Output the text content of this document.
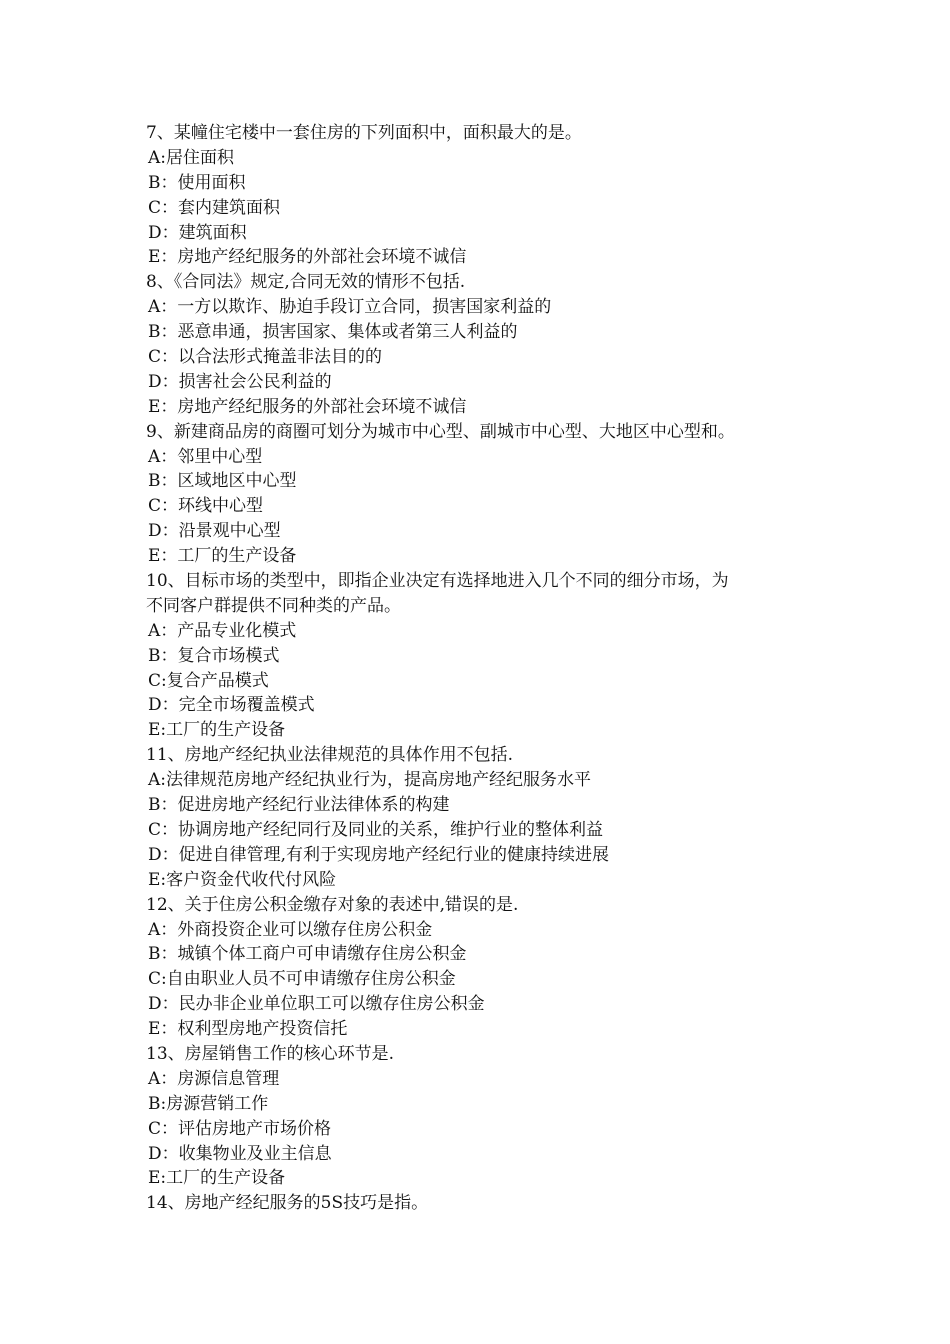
7、某幢住宅楼中一套住房的下列面积中，面积最大的是。
A:居住面积
B：使用面积
C：套内建筑面积
D：建筑面积
E：房地产经纪服务的外部社会环境不诚信
8、《合同法》规定,合同无效的情形不包括.
A：一方以欺诈、胁迫手段订立合同，损害国家利益的
B：恶意串通，损害国家、集体或者第三人利益的
C：以合法形式掩盖非法目的的
D：损害社会公民利益的
E：房地产经纪服务的外部社会环境不诚信
9、新建商品房的商圈可划分为城市中心型、副城市中心型、大地区中心型和。
A：邻里中心型
B：区域地区中心型
C：环线中心型
D：沿景观中心型
E：工厂的生产设备
10、目标市场的类型中，即指企业决定有选择地进入几个不同的细分市场，为
不同客户群提供不同种类的产品。
A：产品专业化模式
B：复合市场模式
C:复合产品模式
D：完全市场覆盖模式
E:工厂的生产设备
11、房地产经纪执业法律规范的具体作用不包括.
A:法律规范房地产经纪执业行为，提高房地产经纪服务水平
B：促进房地产经纪行业法律体系的构建
C：协调房地产经纪同行及同业的关系，维护行业的整体利益
D：促进自律管理,有利于实现房地产经纪行业的健康持续进展
E:客户资金代收代付风险
12、关于住房公积金缴存对象的表述中,错误的是.
A：外商投资企业可以缴存住房公积金
B：城镇个体工商户可申请缴存住房公积金
C:自由职业人员不可申请缴存住房公积金
D：民办非企业单位职工可以缴存住房公积金
E：权利型房地产投资信托
13、房屋销售工作的核心环节是.
A：房源信息管理
B:房源营销工作
C：评估房地产市场价格
D：收集物业及业主信息
E:工厂的生产设备
14、房地产经纪服务的5S技巧是指。
